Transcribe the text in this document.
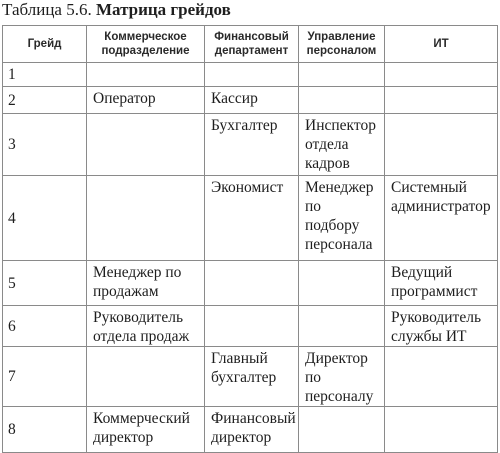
Таблица 5.6. Матрица грейдов
Грейд	Коммерческое подразделение	Финансовый департамент	Управление персоналом	ИТ
1				
2	Оператор	Кассир		
3		Бухгалтер	Инспектор отдела кадров	
4		Экономист	Менеджер по подбору персонала	Системный администратор
5	Менеджер по продажам			Ведущий программист
6	Руководитель отдела продаж			Руководитель службы ИТ
7		Главный бухгалтер	Директор по персоналу	
8	Коммерческий директор	Финансовый директор		
